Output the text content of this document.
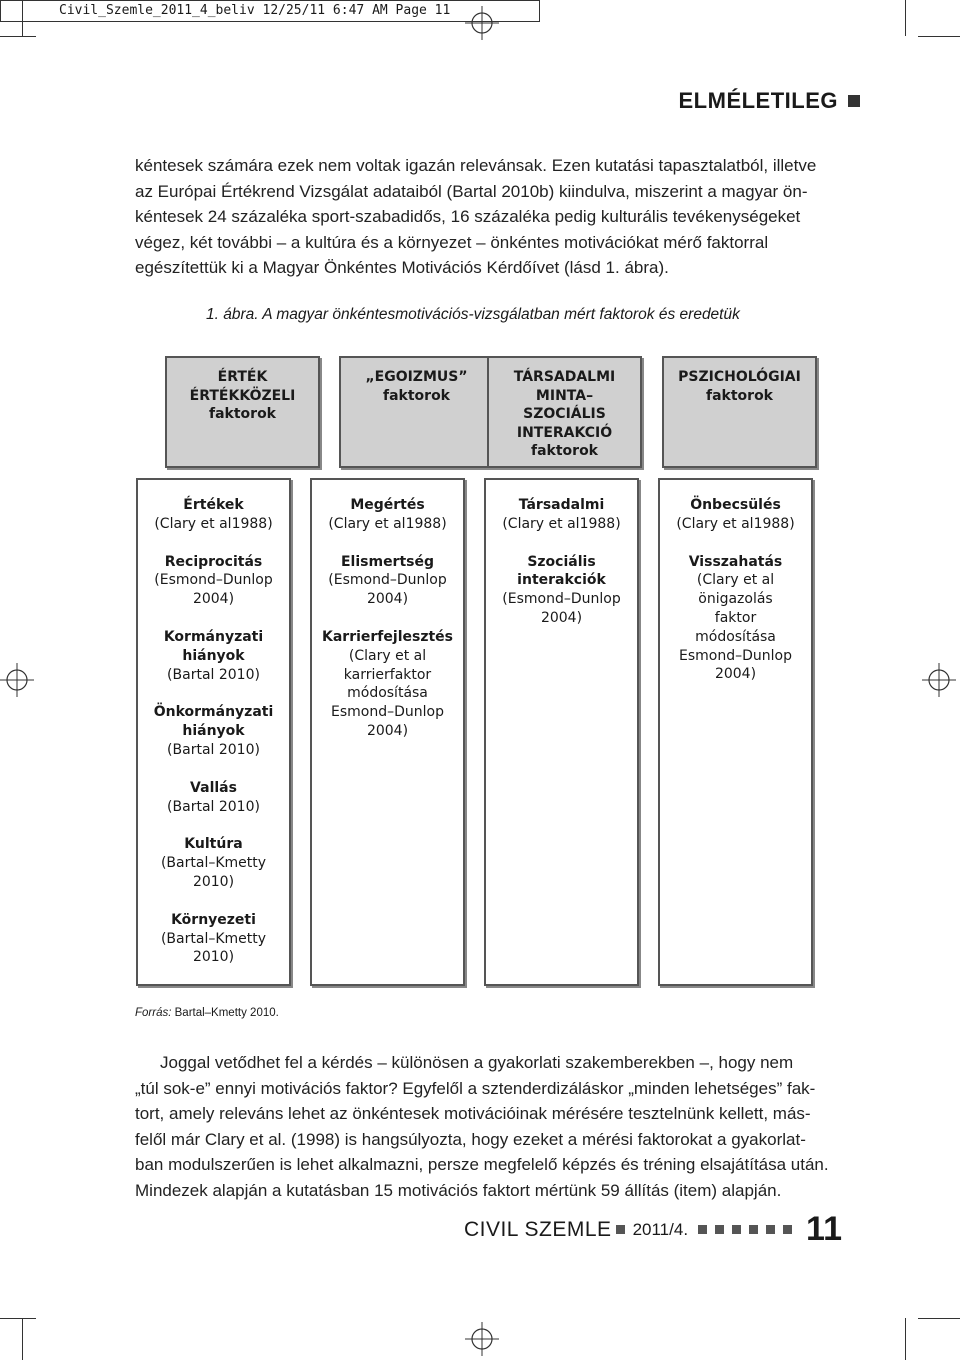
Civil_Szemle_2011_4_beliv 12/25/11 6:47 AM Page 11
ELMÉLETILEG
kéntesek számára ezek nem voltak igazán relevánsak. Ezen kutatási tapasztalatból, illetve
az Európai Értékrend Vizsgálat adataiból (Bartal 2010b) kiindulva, miszerint a magyar ön-
kéntesek 24 százaléka sport-szabadidős, 16 százaléka pedig kulturális tevékenységeket
végez, két további – a kultúra és a környezet – önkéntes motivációkat mérő faktorral
egészítettük ki a Magyar Önkéntes Motivációs Kérdőívet (lásd 1. ábra).
1. ábra. A magyar önkéntesmotivációs-vizsgálatban mért faktorok és eredetük
ÉRTÉK
ÉRTÉKKÖZELI
faktorok
„EGOIZMUS”
faktorok
TÁRSADALMI
MINTA–
SZOCIÁLIS
INTERAKCIÓ
faktorok
PSZICHOLÓGIAI
faktorok
Értékek
(Clary et al1988)
Reciprocitás
(Esmond–Dunlop
2004)
Kormányzati
hiányok
(Bartal 2010)
Önkormányzati
hiányok
(Bartal 2010)
Vallás
(Bartal 2010)
Kultúra
(Bartal–Kmetty
2010)
Környezeti
(Bartal–Kmetty
2010)
Megértés
(Clary et al1988)
Elismertség
(Esmond–Dunlop
2004)
Karrierfejlesztés
(Clary et al
karrierfaktor
módosítása
Esmond–Dunlop
2004)
Társadalmi
(Clary et al1988)
Szociális
interakciók
(Esmond–Dunlop
2004)
Önbecsülés
(Clary et al1988)
Visszahatás
(Clary et al
önigazolás
faktor
módosítása
Esmond–Dunlop
2004)
Forrás: Bartal–Kmetty 2010.
Joggal vetődhet fel a kérdés – különösen a gyakorlati szakemberekben –, hogy nem
„túl sok-e” ennyi motivációs faktor? Egyfelől a sztenderdizáláskor „minden lehetséges” fak-
tort, amely releváns lehet az önkéntesek motivációinak mérésére tesztelnünk kellett, más-
felől már Clary et al. (1998) is hangsúlyozta, hogy ezeket a mérési faktorokat a gyakorlat-
ban modulszerűen is lehet alkalmazni, persze megfelelő képzés és tréning elsajátítása után.
Mindezek alapján a kutatásban 15 motivációs faktort mértünk 59 állítás (item) alapján.
CIVIL SZEMLE 2011/4.	11
